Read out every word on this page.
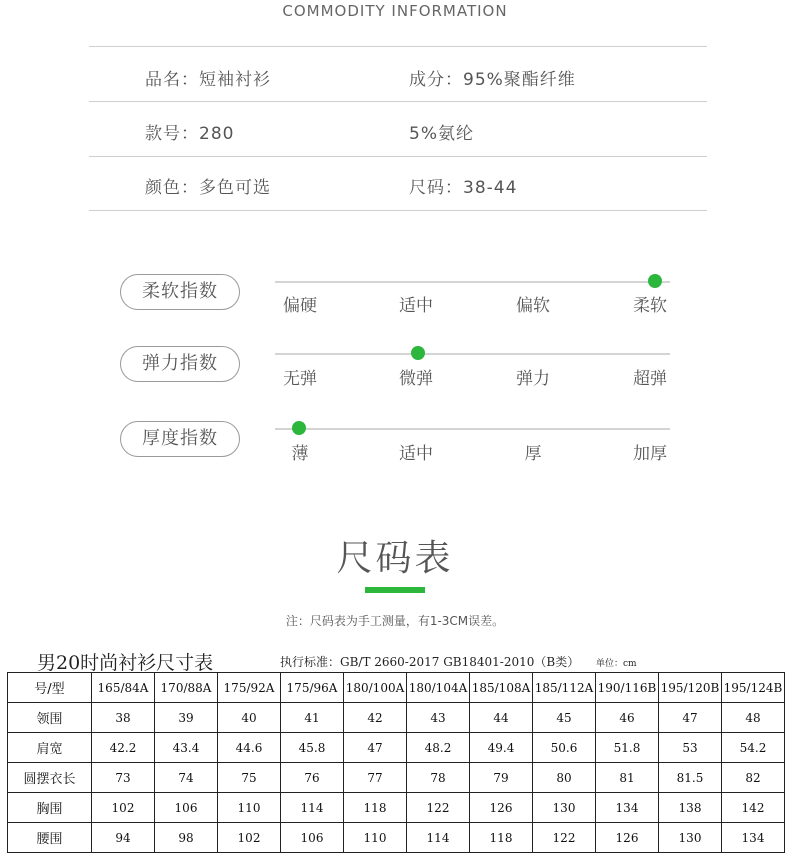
COMMODITY INFORMATION
品名：短袖衬衫	成分：95%聚酯纤维
款号：280	5%氨纶
颜色：多色可选	尺码：38-44
柔软指数
偏硬	适中	偏软	柔软
弹力指数
无弹	微弹	弹力	超弹
厚度指数
薄	适中	厚	加厚
尺码表
注：尺码表为手工测量，有1-3CM误差。
男20时尚衬衫尺寸表	执行标准：GB/T 2660-2017 GB18401-2010（B类） 单位：cm
号/型	165/84A	170/88A	175/92A	175/96A	180/100A	180/104A	185/108A	185/112A	190/116B	195/120B	195/124B
领围	38	39	40	41	42	43	44	45	46	47	48
肩宽	42.2	43.4	44.6	45.8	47	48.2	49.4	50.6	51.8	53	54.2
圆摆衣长	73	74	75	76	77	78	79	80	81	81.5	82
胸围	102	106	110	114	118	122	126	130	134	138	142
腰围	94	98	102	106	110	114	118	122	126	130	134
